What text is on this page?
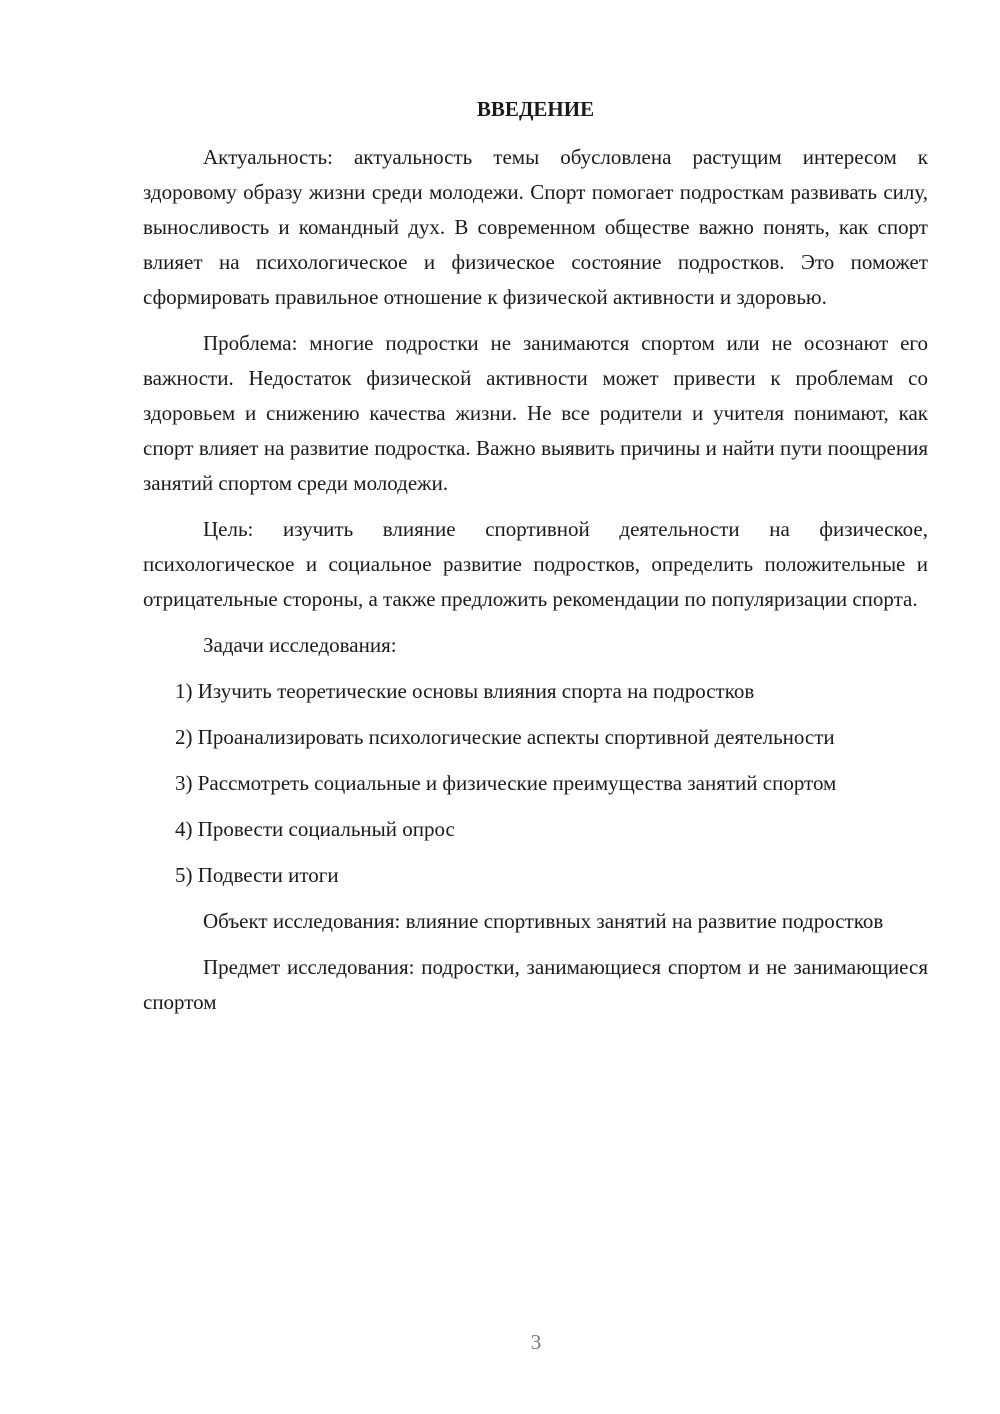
ВВЕДЕНИЕ

Актуальность: актуальность темы обусловлена растущим интересом к здоровому образу жизни среди молодежи. Спорт помогает подросткам развивать силу, выносливость и командный дух. В современном обществе важно понять, как спорт влияет на психологическое и физическое состояние подростков. Это поможет сформировать правильное отношение к физической активности и здоровью.

Проблема: многие подростки не занимаются спортом или не осознают его важности. Недостаток физической активности может привести к проблемам со здоровьем и снижению качества жизни. Не все родители и учителя понимают, как спорт влияет на развитие подростка. Важно выявить причины и найти пути поощрения занятий спортом среди молодежи.

Цель: изучить влияние спортивной деятельности на физическое, психологическое и социальное развитие подростков, определить положительные и отрицательные стороны, а также предложить рекомендации по популяризации спорта.

Задачи исследования:

1) Изучить теоретические основы влияния спорта на подростков

2) Проанализировать психологические аспекты спортивной деятельности

3) Рассмотреть социальные и физические преимущества занятий спортом

4) Провести социальный опрос

5) Подвести итоги

Объект исследования: влияние спортивных занятий на развитие подростков

Предмет исследования: подростки, занимающиеся спортом и не занимающиеся спортом

3
